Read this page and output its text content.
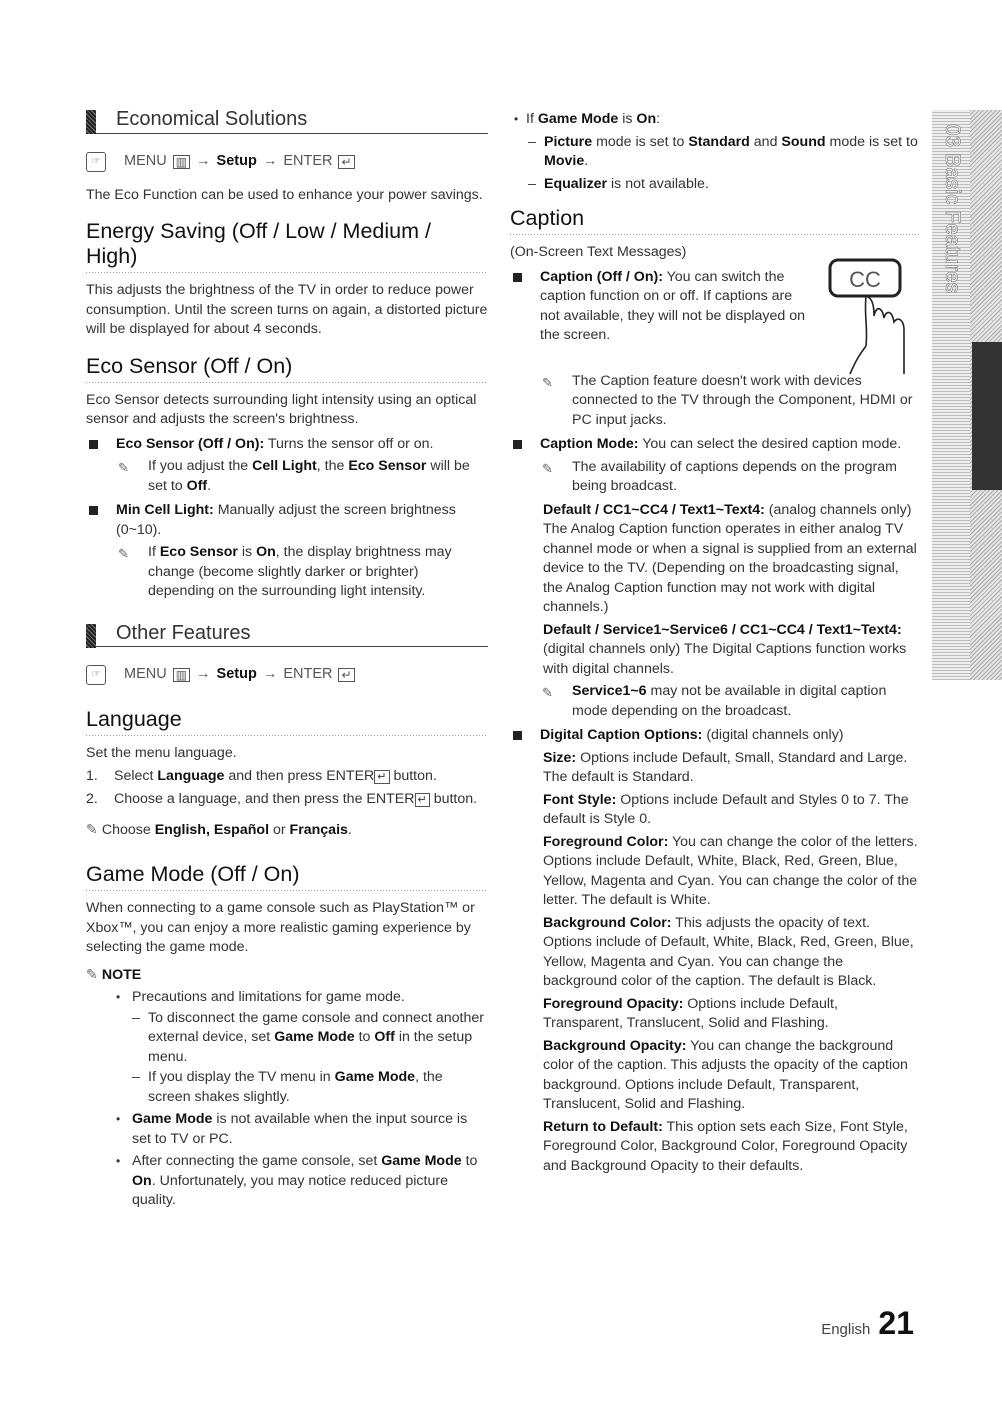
Economical Solutions
☞	MENU ▥ → Setup → ENTER ↵

The Eco Function can be used to enhance your power savings.

Energy Saving (Off / Low / Medium / High)

This adjusts the brightness of the TV in order to reduce power consumption. Until the screen turns on again, a distorted picture will be displayed for about 4 seconds.

Eco Sensor (Off / On)

Eco Sensor detects surrounding light intensity using an optical sensor and adjusts the screen's brightness.

Eco Sensor (Off / On): Turns the sensor off or on.
✎ If you adjust the Cell Light, the Eco Sensor will be set to Off.
Min Cell Light: Manually adjust the screen brightness (0~10).
✎ If Eco Sensor is On, the display brightness may change (become slightly darker or brighter) depending on the surrounding light intensity.
Other Features
☞	MENU ▥ → Setup → ENTER ↵
Language

Set the menu language.

1. Select Language and then press ENTER ↵ button.
2. Choose a language, and then press the ENTER ↵ button.
✎ Choose English, Español or Français.
Game Mode (Off / On)

When connecting to a game console such as PlayStation™ or Xbox™, you can enjoy a more realistic gaming experience by selecting the game mode.

✎ NOTE
• Precautions and limitations for game mode.
– To disconnect the game console and connect another external device, set Game Mode to Off in the setup menu.
– If you display the TV menu in Game Mode, the screen shakes slightly.
• Game Mode is not available when the input source is set to TV or PC.
• After connecting the game console, set Game Mode to On. Unfortunately, you may notice reduced picture quality.
• If Game Mode is On:
– Picture mode is set to Standard and Sound mode is set to Movie.
– Equalizer is not available.
Caption

(On-Screen Text Messages)

Caption (Off / On): You can switch the caption function on or off. If captions are not available, they will not be displayed on the screen.
✎ The Caption feature doesn't work with devices connected to the TV through the Component, HDMI or PC input jacks.
Caption Mode: You can select the desired caption mode.
✎ The availability of captions depends on the program being broadcast.
Default / CC1~CC4 / Text1~Text4: (analog channels only) The Analog Caption function operates in either analog TV channel mode or when a signal is supplied from an external device to the TV. (Depending on the broadcasting signal, the Analog Caption function may not work with digital channels.)
Default / Service1~Service6 / CC1~CC4 / Text1~Text4: (digital channels only) The Digital Captions function works with digital channels.
✎ Service1~6 may not be available in digital caption mode depending on the broadcast.
Digital Caption Options: (digital channels only)
Size: Options include Default, Small, Standard and Large. The default is Standard.
Font Style: Options include Default and Styles 0 to 7. The default is Style 0.
Foreground Color: You can change the color of the letters. Options include Default, White, Black, Red, Green, Blue, Yellow, Magenta and Cyan. You can change the color of the letter. The default is White.
Background Color: This adjusts the opacity of text. Options include of Default, White, Black, Red, Green, Blue, Yellow, Magenta and Cyan. You can change the background color of the caption. The default is Black.
Foreground Opacity: Options include Default, Transparent, Translucent, Solid and Flashing.
Background Opacity: You can change the background color of the caption. This adjusts the opacity of the caption background. Options include Default, Transparent, Translucent, Solid and Flashing.
Return to Default: This option sets each Size, Font Style, Foreground Color, Background Color, Foreground Opacity and Background Opacity to their defaults.
CC
03 Basic Features
English 21
